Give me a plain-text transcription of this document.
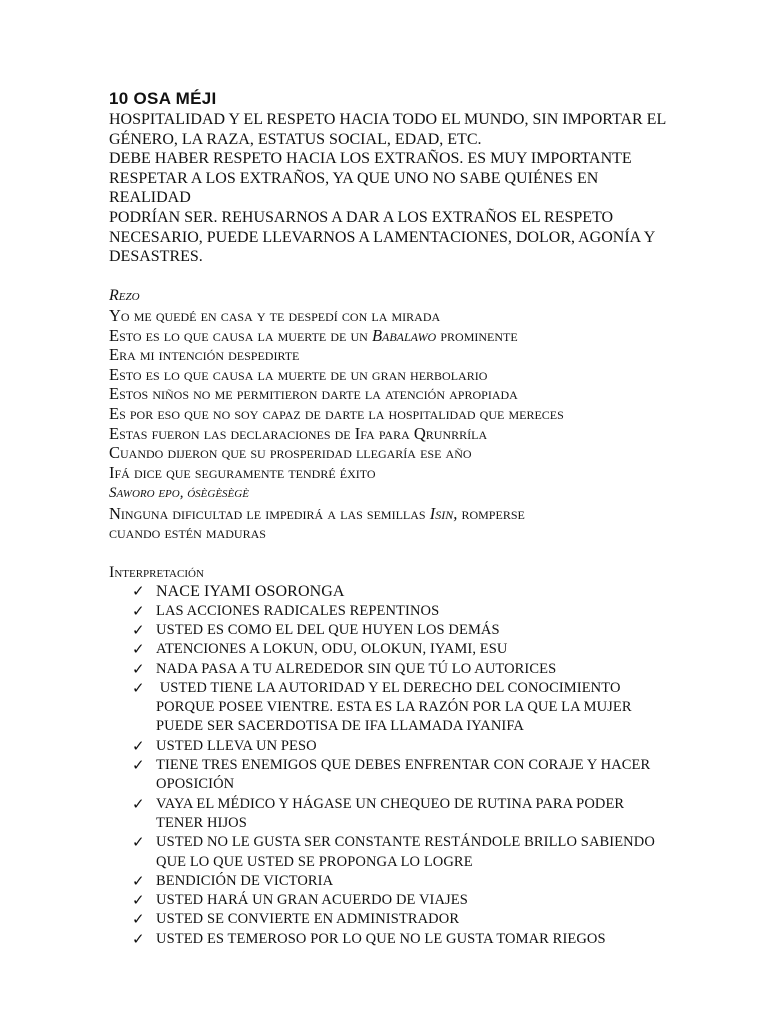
10 OSA MÉJI

HOSPITALIDAD Y EL RESPETO HACIA TODO EL MUNDO, SIN IMPORTAR EL

GÉNERO, LA RAZA, ESTATUS SOCIAL, EDAD, ETC.

DEBE HABER RESPETO HACIA LOS EXTRAÑOS. ES MUY IMPORTANTE

RESPETAR A LOS EXTRAÑOS, YA QUE UNO NO SABE QUIÉNES EN REALIDAD

PODRÍAN SER. REHUSARNOS A DAR A LOS EXTRAÑOS EL RESPETO

NECESARIO, PUEDE LLEVARNOS A LAMENTACIONES, DOLOR, AGONÍA Y

DESASTRES.

Rezo

Yo me quedé en casa y te despedí con la mirada

Esto es lo que causa la muerte de un Babalawo prominente

Era mi intención despedirte

Esto es lo que causa la muerte de un gran herbolario

Estos niños no me permitieron darte la atención apropiada

Es por eso que no soy capaz de darte la hospitalidad que mereces

Estas fueron las declaraciones de Ifa para Qrunrríla

Cuando dijeron que su prosperidad llegaría ese año

Ifá dice que seguramente tendré éxito

Saworo epo, ósègèsègè

Ninguna dificultad le impedirá a las semillas Isin, romperse

cuando estén maduras

Interpretación

✓ NACE IYAMI OSORONGA
✓ LAS ACCIONES RADICALES REPENTINOS
✓ USTED ES COMO EL DEL QUE HUYEN LOS DEMÁS
✓ ATENCIONES A LOKUN, ODU, OLOKUN, IYAMI, ESU
✓ NADA PASA A TU ALREDEDOR SIN QUE TÚ LO AUTORICES
✓ USTED TIENE LA AUTORIDAD Y EL DERECHO DEL CONOCIMIENTO PORQUE POSEE VIENTRE. ESTA ES LA RAZÓN POR LA QUE LA MUJER PUEDE SER SACERDOTISA DE IFA LLAMADA IYANIFA
✓ USTED LLEVA UN PESO
✓ TIENE TRES ENEMIGOS QUE DEBES ENFRENTAR CON CORAJE Y HACER OPOSICIÓN
✓ VAYA EL MÉDICO Y HÁGASE UN CHEQUEO DE RUTINA PARA PODER TENER HIJOS
✓ USTED NO LE GUSTA SER CONSTANTE RESTÁNDOLE BRILLO SABIENDO QUE LO QUE USTED SE PROPONGA LO LOGRE
✓ BENDICIÓN DE VICTORIA
✓ USTED HARÁ UN GRAN ACUERDO DE VIAJES
✓ USTED SE CONVIERTE EN ADMINISTRADOR
✓ USTED ES TEMEROSO POR LO QUE NO LE GUSTA TOMAR RIEGOS
